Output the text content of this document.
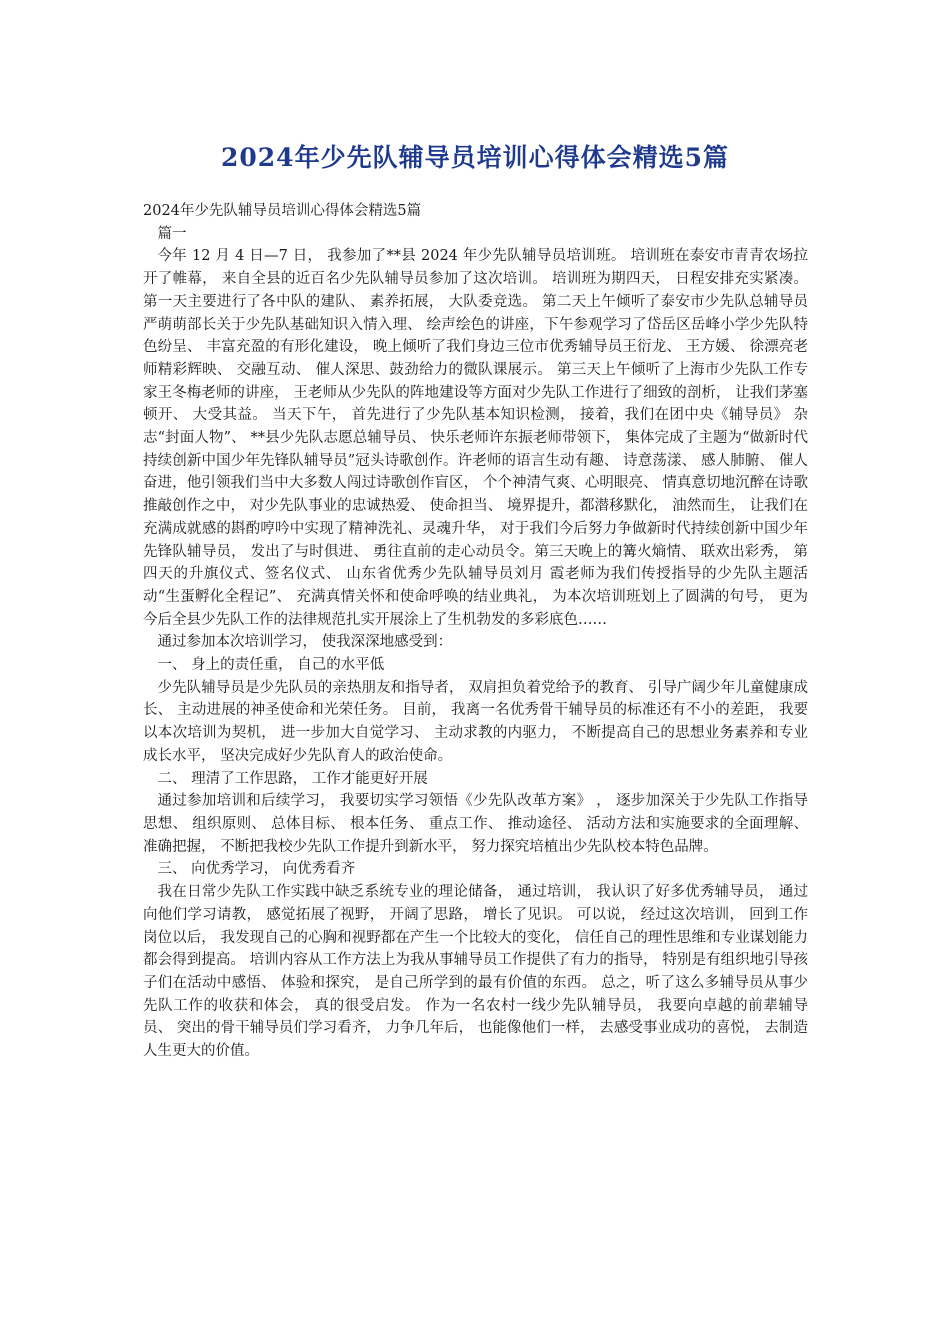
2024年少先队辅导员培训心得体会精选5篇

2024年少先队辅导员培训心得体会精选5篇

篇一

今年 12 月 4 日—7 日， 我参加了**县 2024 年少先队辅导员培训班。 培训班在泰安市青青农场拉开了帷幕， 来自全县的近百名少先队辅导员参加了这次培训。 培训班为期四天， 日程安排充实紧凑。 第一天主要进行了各中队的建队、 素养拓展， 大队委竞选。 第二天上午倾听了泰安市少先队总辅导员严萌萌部长关于少先队基础知识入情入理、 绘声绘色的讲座，下午参观学习了岱岳区岳峰小学少先队特色纷呈、 丰富充盈的有形化建设， 晚上倾听了我们身边三位市优秀辅导员王衍龙、 王方媛、 徐漂亮老师精彩辉映、 交融互动、 催人深思、鼓劲给力的微队课展示。 第三天上午倾听了上海市少先队工作专家王冬梅老师的讲座， 王老师从少先队的阵地建设等方面对少先队工作进行了细致的剖析， 让我们茅塞顿开、 大受其益。 当天下午， 首先进行了少先队基本知识检测， 接着，我们在团中央《辅导员》 杂志“封面人物”、 **县少先队志愿总辅导员、 快乐老师许东振老师带领下， 集体完成了主题为“做新时代持续创新中国少年先锋队辅导员”冠头诗歌创作。许老师的语言生动有趣、 诗意荡漾、 感人肺腑、 催人奋进，他引领我们当中大多数人闯过诗歌创作盲区， 个个神清气爽、心明眼亮、 情真意切地沉醉在诗歌推敲创作之中， 对少先队事业的忠诚热爱、 使命担当、 境界提升，都潜移默化， 油然而生， 让我们在充满成就感的斟酌哼吟中实现了精神洗礼、灵魂升华， 对于我们今后努力争做新时代持续创新中国少年先锋队辅导员， 发出了与时俱进、 勇往直前的走心动员令。第三天晚上的篝火熵情、 联欢出彩秀， 第四天的升旗仪式、签名仪式、 山东省优秀少先队辅导员刘月 霞老师为我们传授指导的少先队主题活动“生蛋孵化全程记”、 充满真情关怀和使命呼唤的结业典礼， 为本次培训班划上了圆满的句号， 更为今后全县少先队工作的法律规范扎实开展涂上了生机勃发的多彩底色……

通过参加本次培训学习， 使我深深地感受到：

一、 身上的责任重， 自己的水平低

少先队辅导员是少先队员的亲热朋友和指导者， 双肩担负着党给予的教育、 引导广阔少年儿童健康成长、 主动进展的神圣使命和光荣任务。 目前， 我离一名优秀骨干辅导员的标准还有不小的差距， 我要以本次培训为契机， 进一步加大自觉学习、 主动求教的内驱力， 不断提高自己的思想业务素养和专业成长水平， 坚决完成好少先队育人的政治使命。

二、 理清了工作思路， 工作才能更好开展

通过参加培训和后续学习， 我要切实学习领悟《少先队改革方案》 ， 逐步加深关于少先队工作指导思想、 组织原则、 总体目标、 根本任务、 重点工作、 推动途径、 活动方法和实施要求的全面理解、 准确把握， 不断把我校少先队工作提升到新水平， 努力探究培植出少先队校本特色品牌。

三、 向优秀学习， 向优秀看齐

我在日常少先队工作实践中缺乏系统专业的理论储备， 通过培训， 我认识了好多优秀辅导员， 通过向他们学习请教， 感觉拓展了视野， 开阔了思路， 增长了见识。 可以说， 经过这次培训， 回到工作岗位以后， 我发现自己的心胸和视野都在产生一个比较大的变化， 信任自己的理性思维和专业谋划能力都会得到提高。 培训内容从工作方法上为我从事辅导员工作提供了有力的指导， 特别是有组织地引导孩子们在活动中感悟、 体验和探究， 是自己所学到的最有价值的东西。 总之，听了这么多辅导员从事少先队工作的收获和体会， 真的很受启发。 作为一名农村一线少先队辅导员， 我要向卓越的前辈辅导员、 突出的骨干辅导员们学习看齐， 力争几年后， 也能像他们一样， 去感受事业成功的喜悦， 去制造人生更大的价值。
